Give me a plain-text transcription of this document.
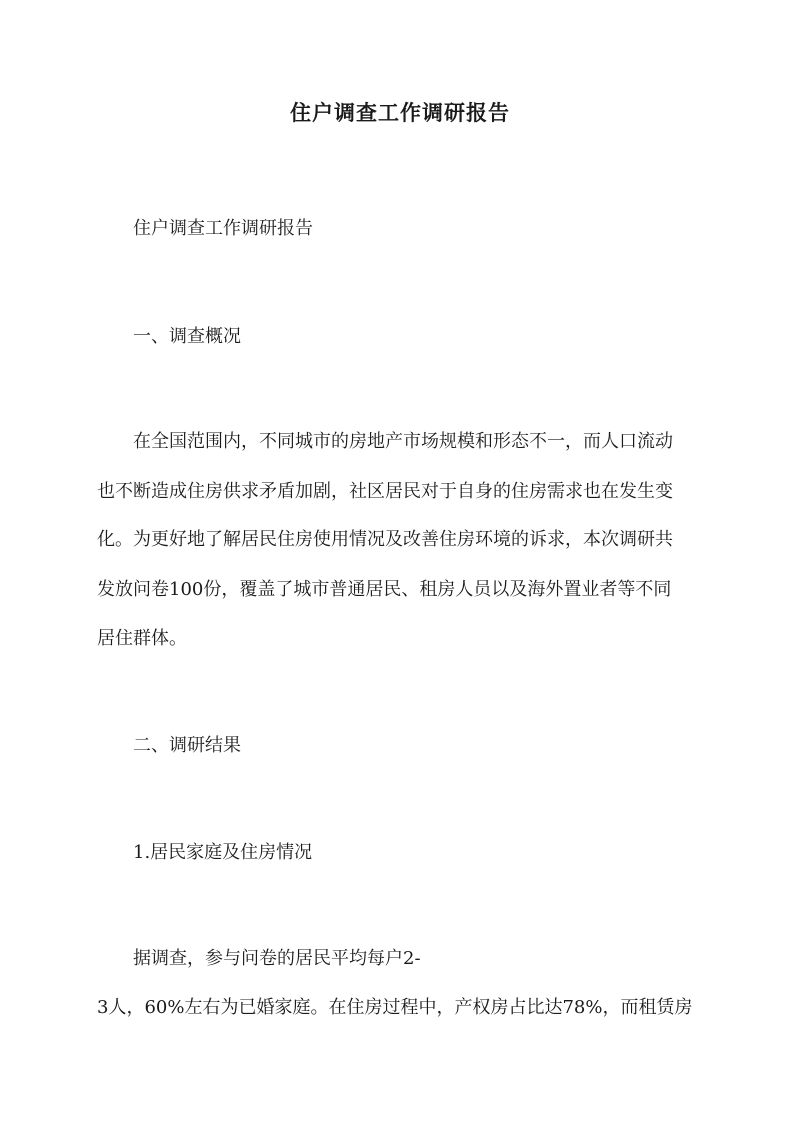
住户调查工作调研报告
住户调查工作调研报告
一、调查概况
在全国范围内，不同城市的房地产市场规模和形态不一，而人口流动
也不断造成住房供求矛盾加剧，社区居民对于自身的住房需求也在发生变
化。为更好地了解居民住房使用情况及改善住房环境的诉求，本次调研共
发放问卷100份，覆盖了城市普通居民、租房人员以及海外置业者等不同
居住群体。
二、调研结果
1.居民家庭及住房情况
据调查，参与问卷的居民平均每户2-
3人，60%左右为已婚家庭。在住房过程中，产权房占比达78%，而租赁房
